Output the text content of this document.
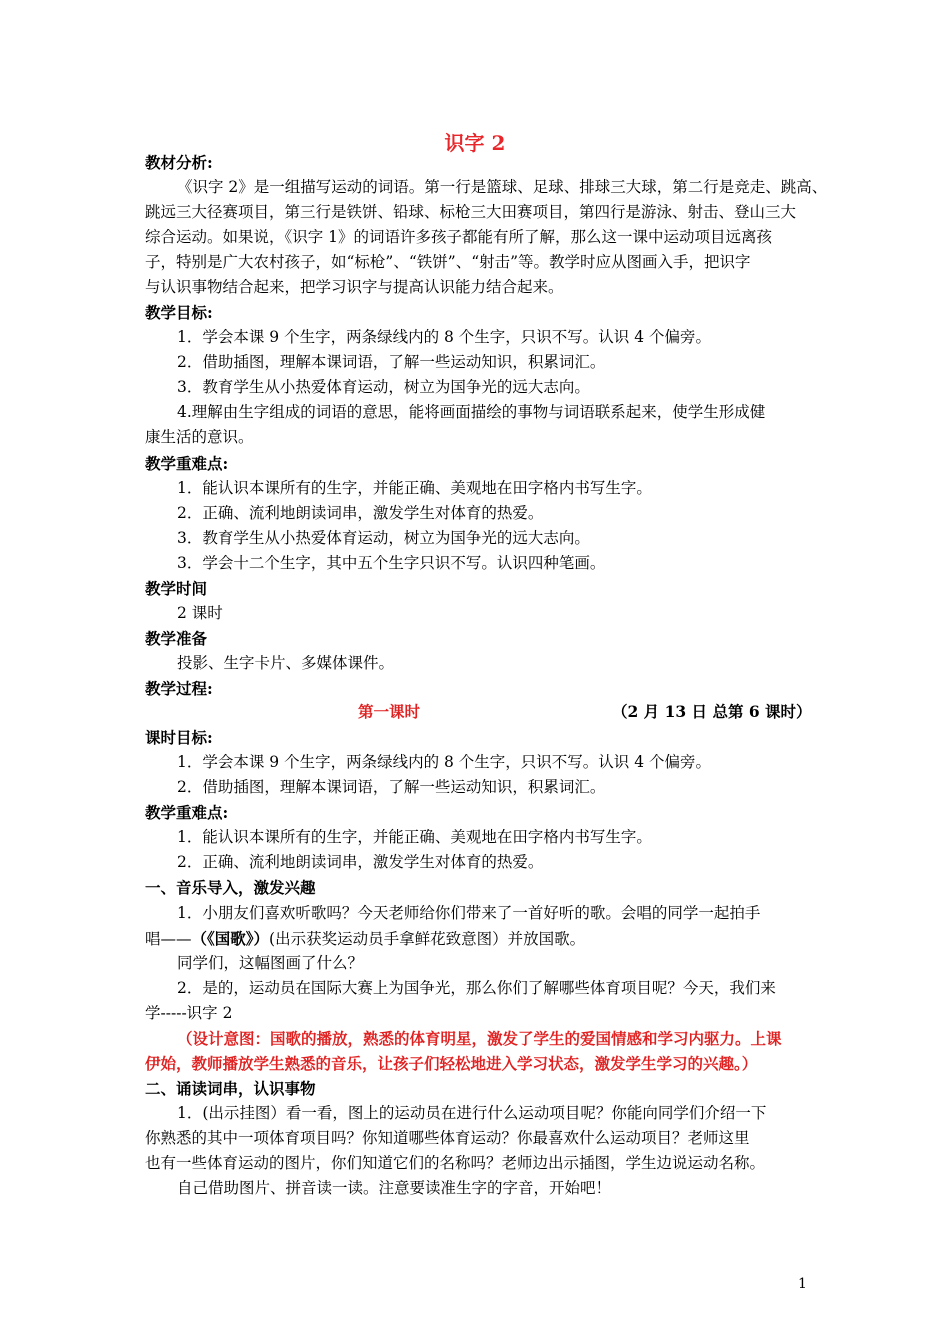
识字 2
教材分析:
《识字 2》是一组描写运动的词语。第一行是篮球、足球、排球三大球，第二行是竞走、跳高、
跳远三大径赛项目，第三行是铁饼、铅球、标枪三大田赛项目，第四行是游泳、射击、登山三大
综合运动。如果说，《识字 1》的词语许多孩子都能有所了解，那么这一课中运动项目远离孩
子，特别是广大农村孩子，如“标枪”、“铁饼”、“射击”等。教学时应从图画入手，把识字
与认识事物结合起来，把学习识字与提高认识能力结合起来。
教学目标:
1．学会本课 9 个生字，两条绿线内的 8 个生字，只识不写。认识 4 个偏旁。
2．借助插图，理解本课词语，了解一些运动知识，积累词汇。
3．教育学生从小热爱体育运动，树立为国争光的远大志向。
4.理解由生字组成的词语的意思，能将画面描绘的事物与词语联系起来，使学生形成健
康生活的意识。
教学重难点:
1．能认识本课所有的生字，并能正确、美观地在田字格内书写生字。
2．正确、流利地朗读词串，激发学生对体育的热爱。
3．教育学生从小热爱体育运动，树立为国争光的远大志向。
3．学会十二个生字，其中五个生字只识不写。认识四种笔画。
教学时间
2 课时
教学准备
投影、生字卡片、多媒体课件。
教学过程:
第一课时	（2 月 13 日 总第 6 课时）
课时目标:
1．学会本课 9 个生字，两条绿线内的 8 个生字，只识不写。认识 4 个偏旁。
2．借助插图，理解本课词语，了解一些运动知识，积累词汇。
教学重难点:
1．能认识本课所有的生字，并能正确、美观地在田字格内书写生字。
2．正确、流利地朗读词串，激发学生对体育的热爱。
一、音乐导入，激发兴趣
1．小朋友们喜欢听歌吗？今天老师给你们带来了一首好听的歌。会唱的同学一起拍手
唱——（《国歌》）(出示获奖运动员手拿鲜花致意图）并放国歌。
同学们，这幅图画了什么？
2．是的，运动员在国际大赛上为国争光，那么你们了解哪些体育项目呢？今天，我们来
学-----识字 2
（设计意图：国歌的播放，熟悉的体育明星，激发了学生的爱国情感和学习内驱力。上课
伊始，教师播放学生熟悉的音乐，让孩子们轻松地进入学习状态，激发学生学习的兴趣。）
二、诵读词串，认识事物
1．(出示挂图）看一看，图上的运动员在进行什么运动项目呢？你能向同学们介绍一下
你熟悉的其中一项体育项目吗？你知道哪些体育运动？你最喜欢什么运动项目？老师这里
也有一些体育运动的图片，你们知道它们的名称吗？老师边出示插图，学生边说运动名称。
自己借助图片、拼音读一读。注意要读准生字的字音，开始吧！
1
